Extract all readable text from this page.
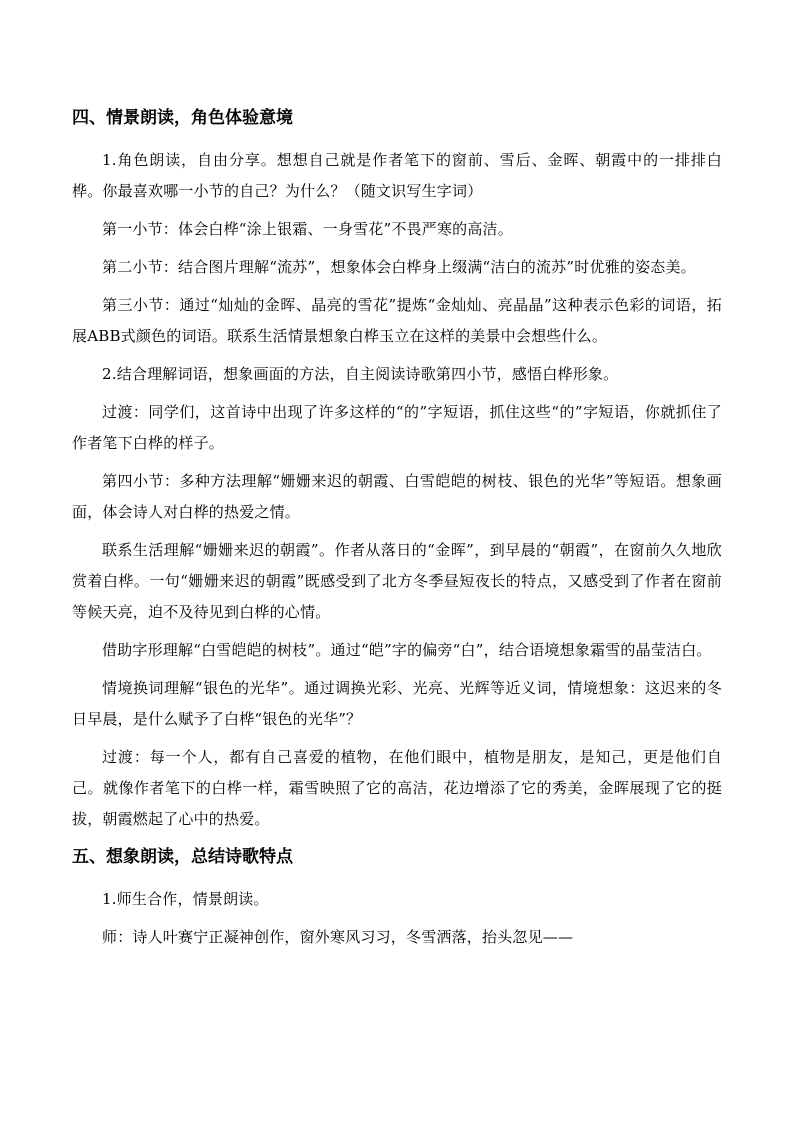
四、情景朗读，角色体验意境

1.角色朗读，自由分享。想想自己就是作者笔下的窗前、雪后、金晖、朝霞中的一排排白桦。你最喜欢哪一小节的自己？为什么？（随文识写生字词）

第一小节：体会白桦“涂上银霜、一身雪花”不畏严寒的高洁。

第二小节：结合图片理解“流苏”，想象体会白桦身上缀满“洁白的流苏”时优雅的姿态美。

第三小节：通过“灿灿的金晖、晶亮的雪花”提炼“金灿灿、亮晶晶”这种表示色彩的词语，拓展ABB式颜色的词语。联系生活情景想象白桦玉立在这样的美景中会想些什么。

2.结合理解词语，想象画面的方法，自主阅读诗歌第四小节，感悟白桦形象。

过渡：同学们，这首诗中出现了许多这样的“的”字短语，抓住这些“的”字短语，你就抓住了作者笔下白桦的样子。

第四小节：多种方法理解“姗姗来迟的朝霞、白雪皑皑的树枝、银色的光华”等短语。想象画面，体会诗人对白桦的热爱之情。

联系生活理解“姗姗来迟的朝霞”。作者从落日的“金晖”，到早晨的“朝霞”，在窗前久久地欣赏着白桦。一句“姗姗来迟的朝霞”既感受到了北方冬季昼短夜长的特点，又感受到了作者在窗前等候天亮，迫不及待见到白桦的心情。

借助字形理解“白雪皑皑的树枝”。通过“皑”字的偏旁“白”，结合语境想象霜雪的晶莹洁白。

情境换词理解“银色的光华”。通过调换光彩、光亮、光辉等近义词，情境想象：这迟来的冬日早晨，是什么赋予了白桦“银色的光华”？

过渡：每一个人，都有自己喜爱的植物，在他们眼中，植物是朋友，是知己，更是他们自己。就像作者笔下的白桦一样，霜雪映照了它的高洁，花边增添了它的秀美，金晖展现了它的挺拔，朝霞燃起了心中的热爱。

五、想象朗读，总结诗歌特点

1.师生合作，情景朗读。

师：诗人叶赛宁正凝神创作，窗外寒风习习，冬雪洒落，抬头忽见——
